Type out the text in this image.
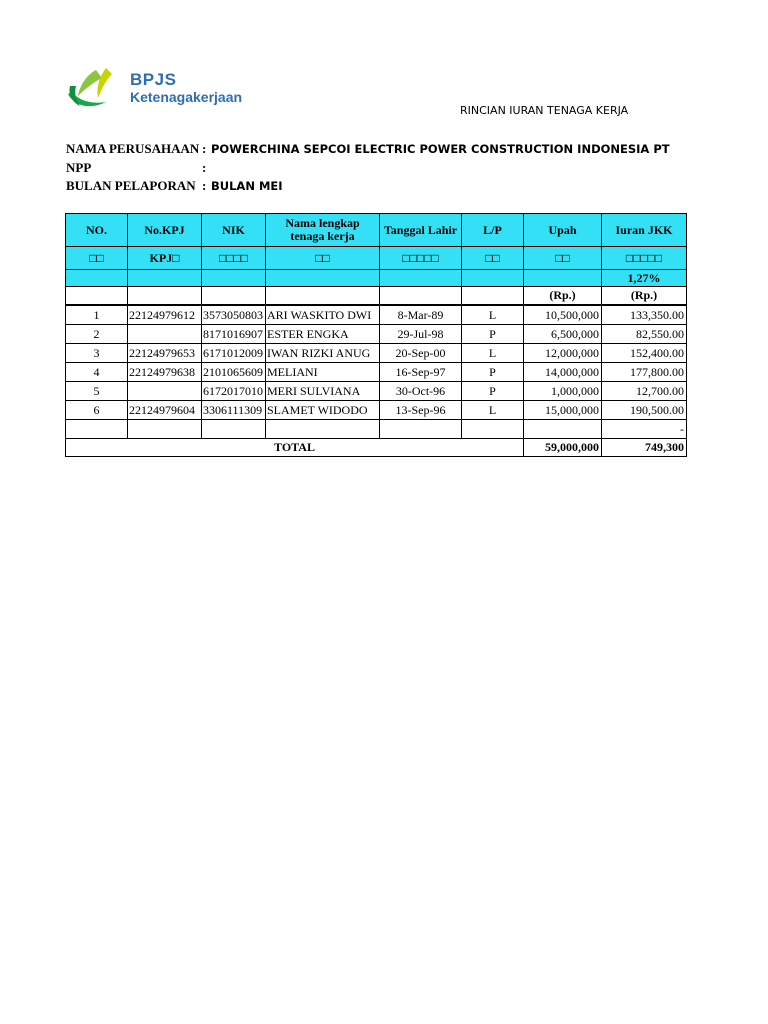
BPJS
Ketenagakerjaan
RINCIAN IURAN TENAGA KERJA
NAMA PERUSAHAAN : POWERCHINA SEPCOI ELECTRIC POWER CONSTRUCTION INDONESIA PT
NPP	:
BULAN PELAPORAN : BULAN MEI
NO.	No.KPJ	NIK	Nama lengkap tenaga kerja	Tanggal Lahir	L/P	Upah	Iuran JKK
□□	KPJ□	□□□□	□□	□□□□□	□□	□□	□□□□□
							1,27%
						(Rp.)	(Rp.)
1	22124979612	3573050803	ARI WASKITO DWI	8-Mar-89	L	10,500,000	133,350.00
2		8171016907	ESTER ENGKA	29-Jul-98	P	6,500,000	82,550.00
3	22124979653	6171012009	IWAN RIZKI ANUG	20-Sep-00	L	12,000,000	152,400.00
4	22124979638	2101065609	MELIANI	16-Sep-97	P	14,000,000	177,800.00
5		6172017010	MERI SULVIANA	30-Oct-96	P	1,000,000	12,700.00
6	22124979604	3306111309	SLAMET WIDODO	13-Sep-96	L	15,000,000	190,500.00
							-
TOTAL						59,000,000	749,300
